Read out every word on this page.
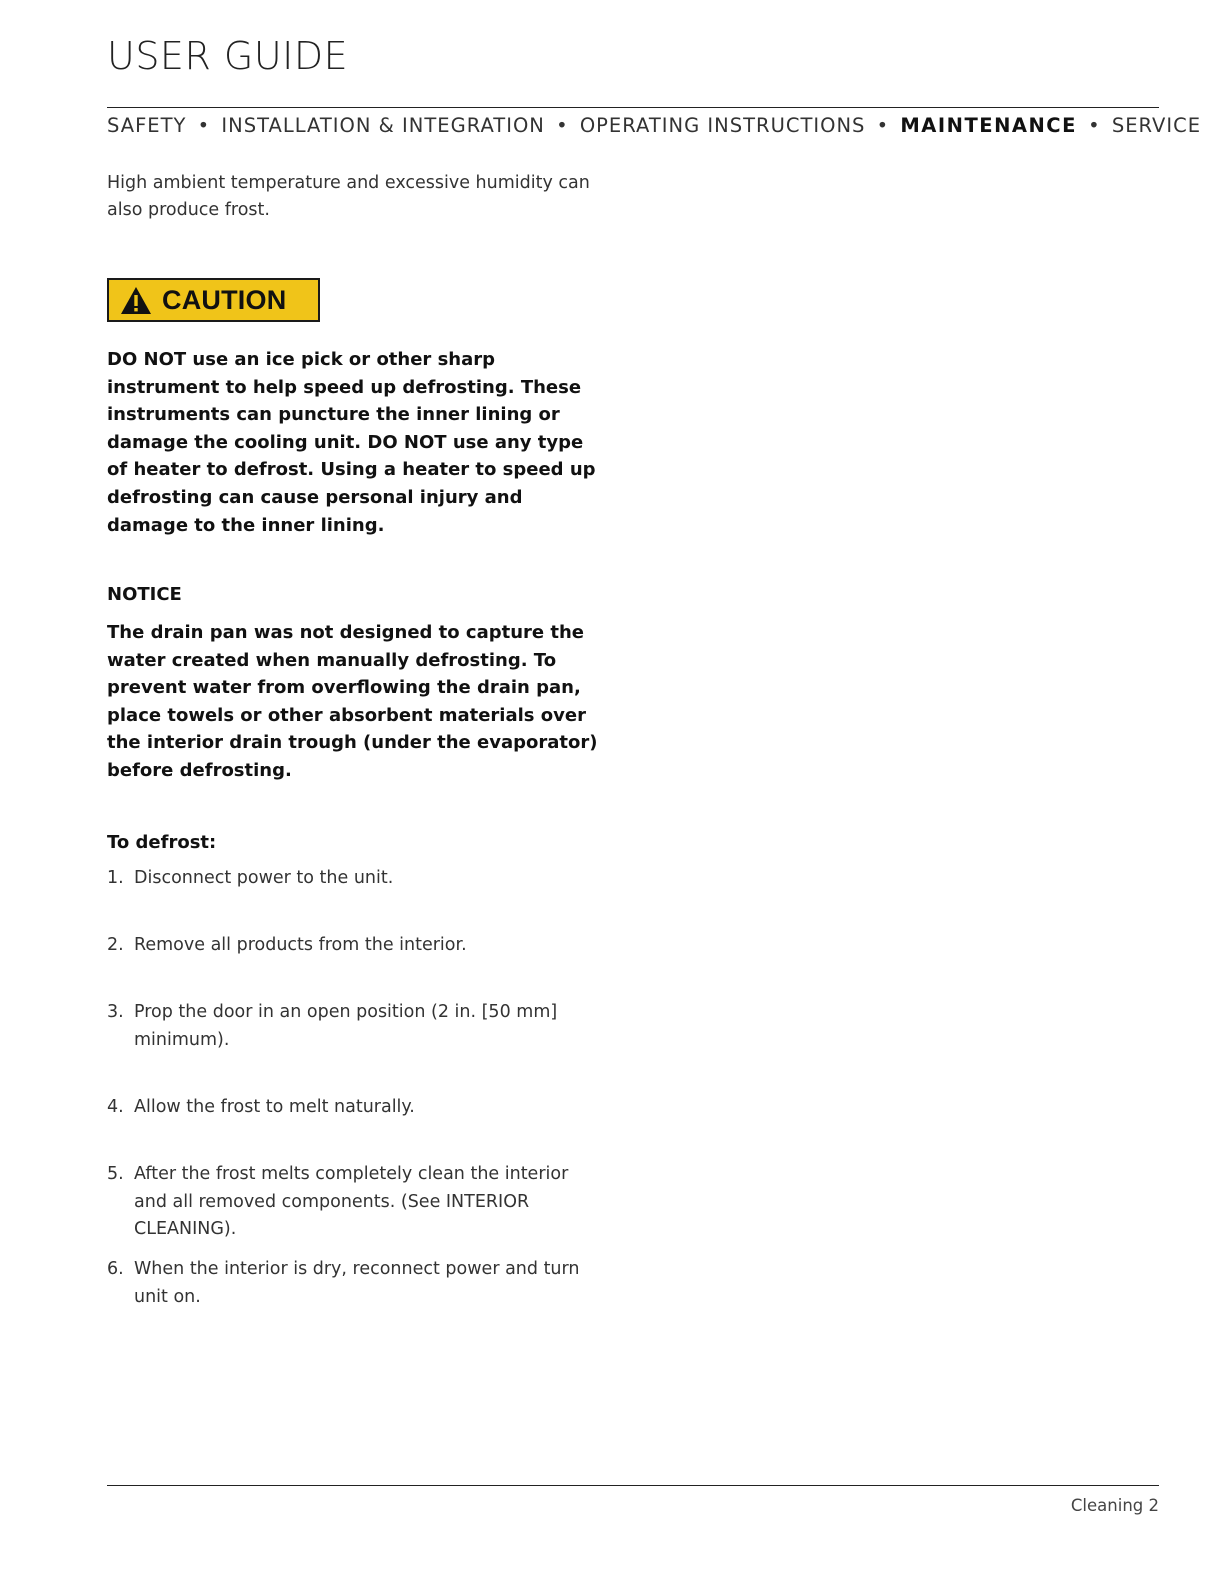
USER GUIDE
SAFETY • INSTALLATION & INTEGRATION • OPERATING INSTRUCTIONS • MAINTENANCE • SERVICE

High ambient temperature and excessive humidity can also produce frost.

CAUTION

DO NOT use an ice pick or other sharp instrument to help speed up defrosting. These instruments can puncture the inner lining or damage the cooling unit. DO NOT use any type of heater to defrost. Using a heater to speed up defrosting can cause personal injury and damage to the inner lining.

NOTICE

The drain pan was not designed to capture the water created when manually defrosting. To prevent water from overflowing the drain pan, place towels or other absorbent materials over the interior drain trough (under the evaporator) before defrosting.

To defrost:

1. Disconnect power to the unit.
2. Remove all products from the interior.
3. Prop the door in an open position (2 in. [50 mm] minimum).
4. Allow the frost to melt naturally.
5. After the frost melts completely clean the interior and all removed components. (See INTERIOR CLEANING).
6. When the interior is dry, reconnect power and turn unit on.
Cleaning 2
